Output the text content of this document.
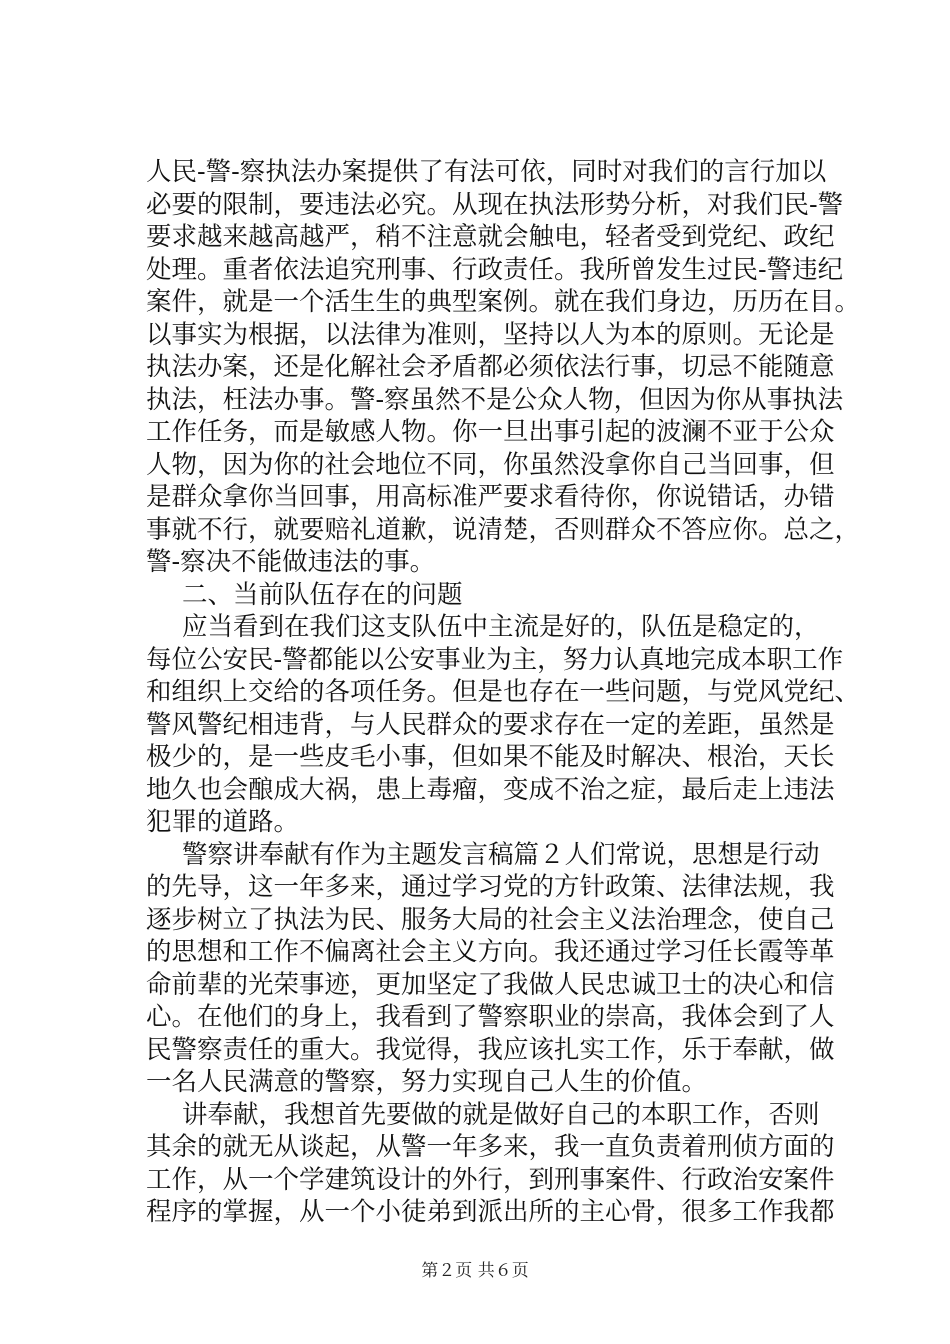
人民-警-察执法办案提供了有法可依，同时对我们的言行加以
必要的限制，要违法必究。从现在执法形势分析，对我们民-警
要求越来越高越严，稍不注意就会触电，轻者受到党纪、政纪
处理。重者依法追究刑事、行政责任。我所曾发生过民-警违纪
案件，就是一个活生生的典型案例。就在我们身边，历历在目。
以事实为根据，以法律为准则，坚持以人为本的原则。无论是
执法办案，还是化解社会矛盾都必须依法行事，切忌不能随意
执法，枉法办事。警-察虽然不是公众人物，但因为你从事执法
工作任务，而是敏感人物。你一旦出事引起的波澜不亚于公众
人物，因为你的社会地位不同，你虽然没拿你自己当回事，但
是群众拿你当回事，用高标准严要求看待你，你说错话，办错
事就不行，就要赔礼道歉，说清楚，否则群众不答应你。总之，
警-察决不能做违法的事。
二、当前队伍存在的问题
应当看到在我们这支队伍中主流是好的，队伍是稳定的，
每位公安民-警都能以公安事业为主，努力认真地完成本职工作
和组织上交给的各项任务。但是也存在一些问题，与党风党纪、
警风警纪相违背，与人民群众的要求存在一定的差距，虽然是
极少的，是一些皮毛小事，但如果不能及时解决、根治，天长
地久也会酿成大祸，患上毒瘤，变成不治之症，最后走上违法
犯罪的道路。
警察讲奉献有作为主题发言稿篇２人们常说，思想是行动
的先导，这一年多来，通过学习党的方针政策、法律法规，我
逐步树立了执法为民、服务大局的社会主义法治理念，使自己
的思想和工作不偏离社会主义方向。我还通过学习任长霞等革
命前辈的光荣事迹，更加坚定了我做人民忠诚卫士的决心和信
心。在他们的身上，我看到了警察职业的崇高，我体会到了人
民警察责任的重大。我觉得，我应该扎实工作，乐于奉献，做
一名人民满意的警察，努力实现自己人生的价值。
讲奉献，我想首先要做的就是做好自己的本职工作，否则
其余的就无从谈起，从警一年多来，我一直负责着刑侦方面的
工作，从一个学建筑设计的外行，到刑事案件、行政治安案件
程序的掌握，从一个小徒弟到派出所的主心骨，很多工作我都
第２页 共６页
